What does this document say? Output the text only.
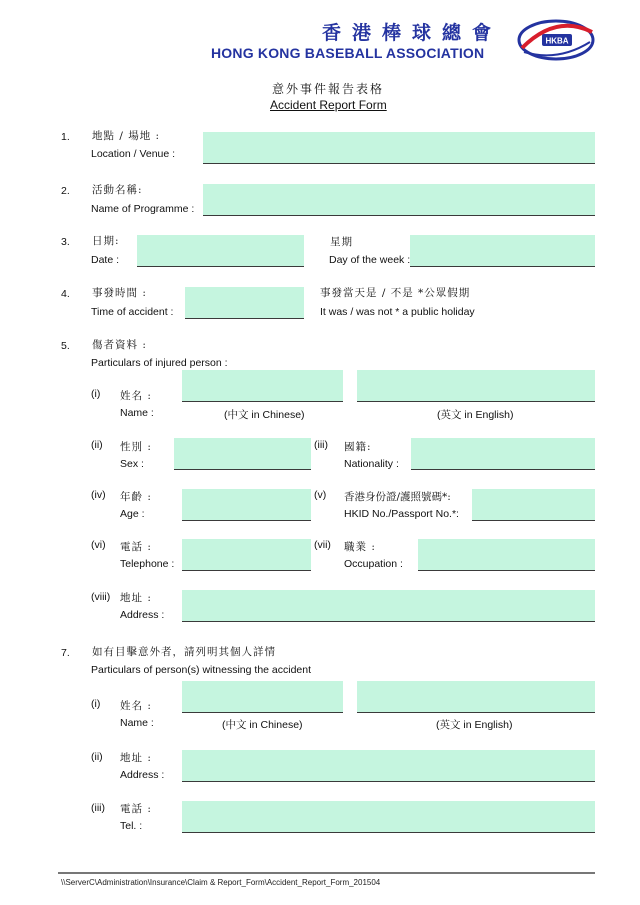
香港棒球總會
HONG KONG BASEBALL ASSOCIATION
HKBA
意外事件報告表格
Accident Report Form
1. 地點 / 場地 :
Location / Venue :
2. 活動名稱:
Name of Programme :
3. 日期:
Date :
星期
Day of the week :
4. 事發時間 :
Time of accident :
事發當天是 / 不是 *公眾假期
It was / was not * a public holiday
5. 傷者資料 :
Particulars of injured person :
(i) 姓名 :
Name :	(中文 in Chinese)	(英文 in English)
(ii) 性別 :
Sex :
(iii) 國籍:
Nationality :
(iv) 年齡 :
Age :
(v) 香港身份證/護照號碼*:
HKID No./Passport No.*:
(vi) 電話 :
Telephone :
(vii) 職業 :
Occupation :
(viii) 地址 :
Address :
7. 如有目擊意外者，請列明其個人詳情
Particulars of person(s) witnessing the accident
(i) 姓名 :
Name :	(中文 in Chinese)	(英文 in English)
(ii) 地址 :
Address :
(iii) 電話 :
Tel. :
\\ServerC\Administration\Insurance\Claim & Report_Form\Accident_Report_Form_201504
